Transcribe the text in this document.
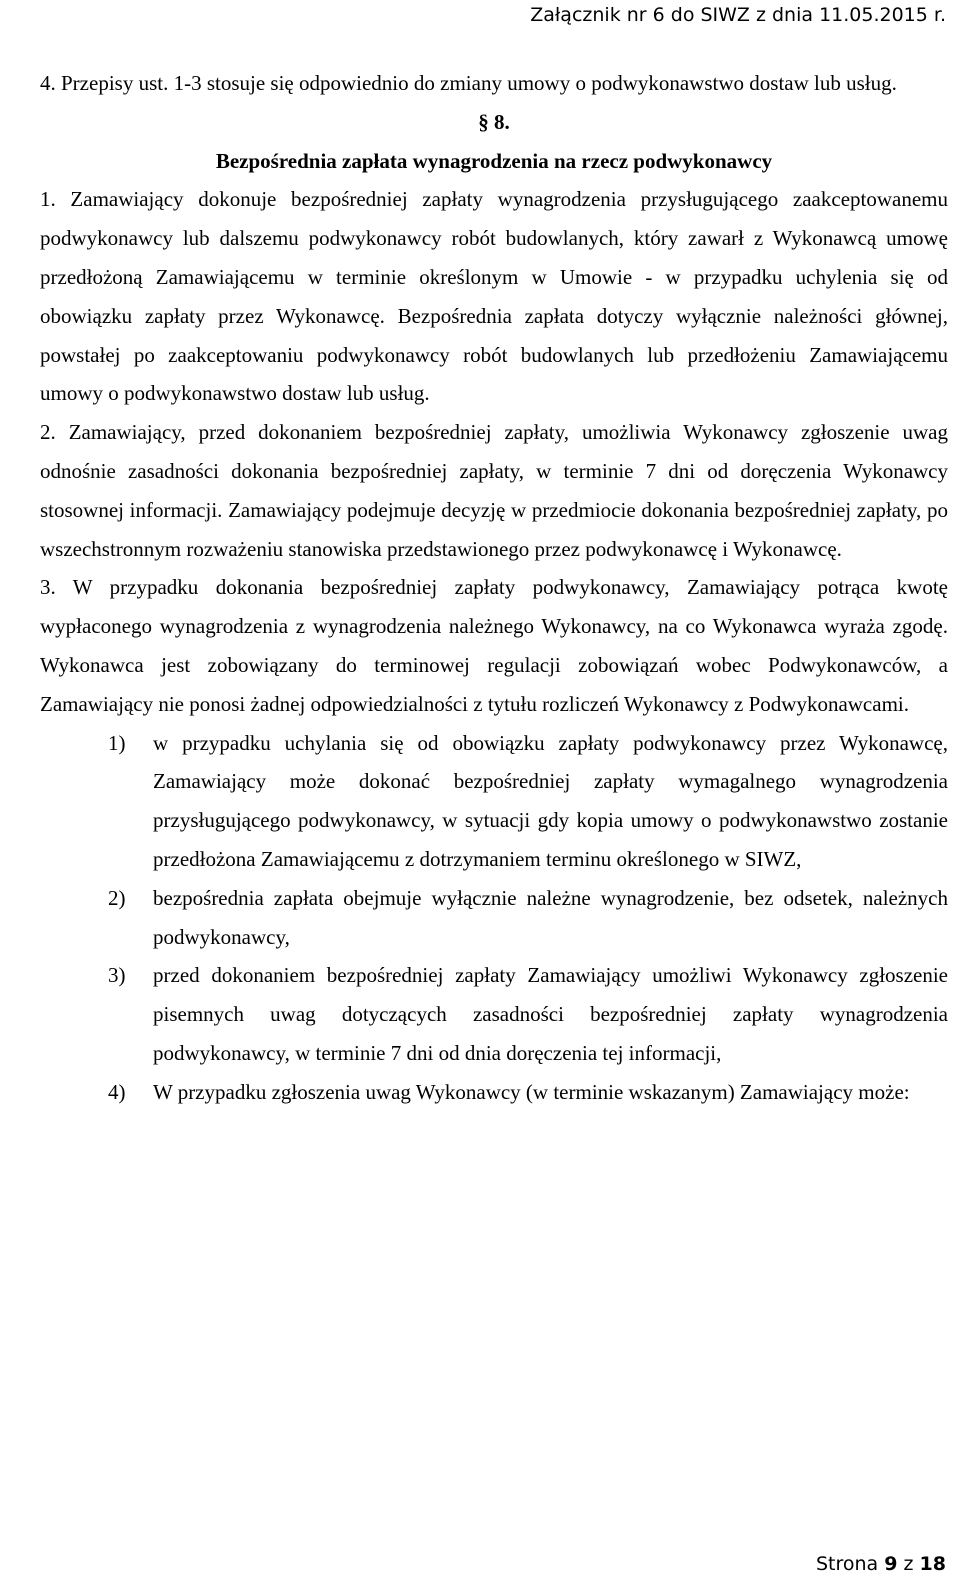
Załącznik nr 6 do SIWZ z dnia 11.05.2015 r.

4. Przepisy ust. 1-3 stosuje się odpowiednio do zmiany umowy o podwykonawstwo dostaw lub usług.

§ 8.

Bezpośrednia zapłata wynagrodzenia na rzecz podwykonawcy

1. Zamawiający dokonuje bezpośredniej zapłaty wynagrodzenia przysługującego zaakceptowanemu podwykonawcy lub dalszemu podwykonawcy robót budowlanych, który zawarł z Wykonawcą umowę przedłożoną Zamawiającemu w terminie określonym w Umowie - w przypadku uchylenia się od obowiązku zapłaty przez Wykonawcę. Bezpośrednia zapłata dotyczy wyłącznie należności głównej, powstałej po zaakceptowaniu podwykonawcy robót budowlanych lub przedłożeniu Zamawiającemu umowy o podwykonawstwo dostaw lub usług.

2. Zamawiający, przed dokonaniem bezpośredniej zapłaty, umożliwia Wykonawcy zgłoszenie uwag odnośnie zasadności dokonania bezpośredniej zapłaty, w terminie 7 dni od doręczenia Wykonawcy stosownej informacji. Zamawiający podejmuje decyzję w przedmiocie dokonania bezpośredniej zapłaty, po wszechstronnym rozważeniu stanowiska przedstawionego przez podwykonawcę i Wykonawcę.

3. W przypadku dokonania bezpośredniej zapłaty podwykonawcy, Zamawiający potrąca kwotę wypłaconego wynagrodzenia z wynagrodzenia należnego Wykonawcy, na co Wykonawca wyraża zgodę. Wykonawca jest zobowiązany do terminowej regulacji zobowiązań wobec Podwykonawców, a Zamawiający nie ponosi żadnej odpowiedzialności z tytułu rozliczeń Wykonawcy z Podwykonawcami.

1) w przypadku uchylania się od obowiązku zapłaty podwykonawcy przez Wykonawcę, Zamawiający może dokonać bezpośredniej zapłaty wymagalnego wynagrodzenia przysługującego podwykonawcy, w sytuacji gdy kopia umowy o podwykonawstwo zostanie przedłożona Zamawiającemu z dotrzymaniem terminu określonego w SIWZ,
2) bezpośrednia zapłata obejmuje wyłącznie należne wynagrodzenie, bez odsetek, należnych podwykonawcy,
3) przed dokonaniem bezpośredniej zapłaty Zamawiający umożliwi Wykonawcy zgłoszenie pisemnych uwag dotyczących zasadności bezpośredniej zapłaty wynagrodzenia podwykonawcy, w terminie 7 dni od dnia doręczenia tej informacji,
4) W przypadku zgłoszenia uwag Wykonawcy (w terminie wskazanym) Zamawiający może:
Strona 9 z 18
